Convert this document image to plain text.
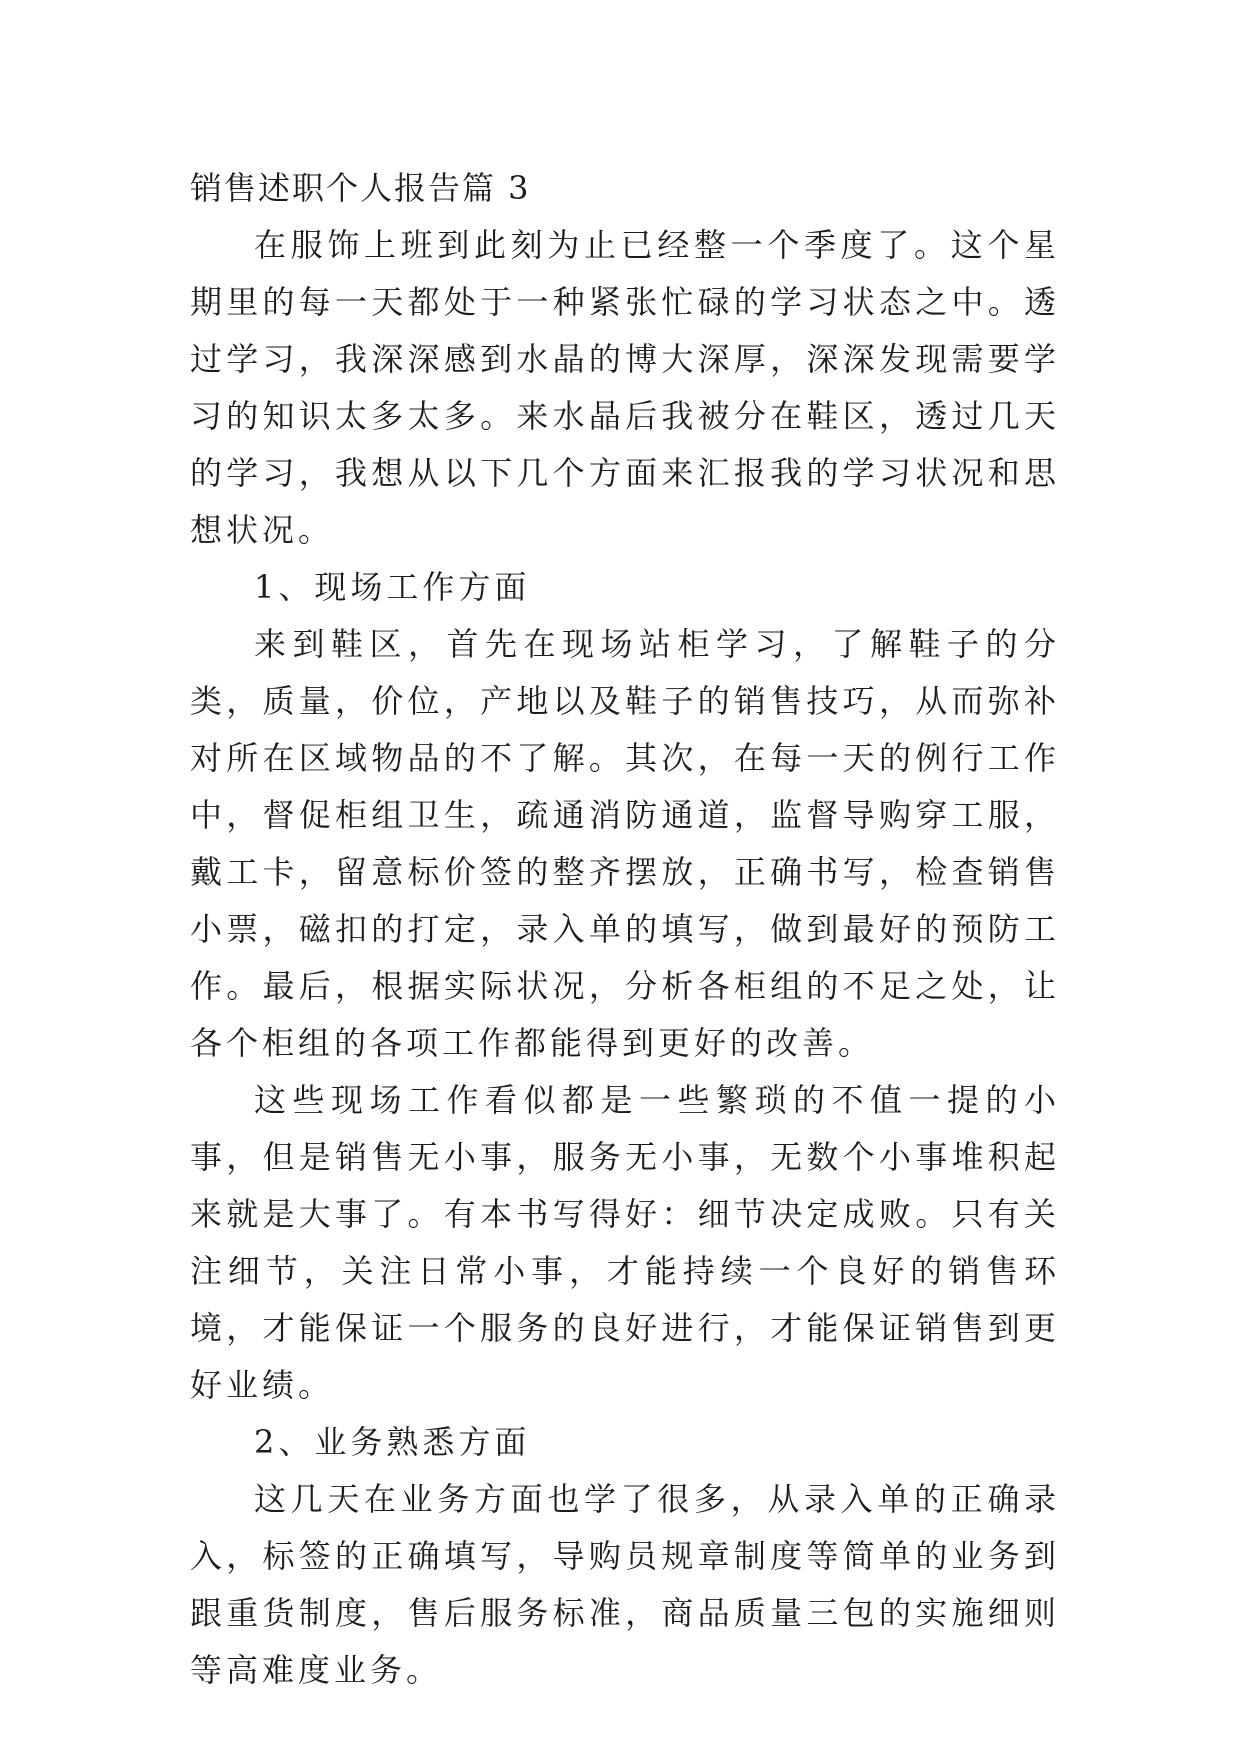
销售述职个人报告篇 3

在服饰上班到此刻为止已经整一个季度了。这个星期里的每一天都处于一种紧张忙碌的学习状态之中。透过学习，我深深感到水晶的博大深厚，深深发现需要学习的知识太多太多。来水晶后我被分在鞋区，透过几天的学习，我想从以下几个方面来汇报我的学习状况和思想状况。

1、现场工作方面

来到鞋区，首先在现场站柜学习，了解鞋子的分类，质量，价位，产地以及鞋子的销售技巧，从而弥补对所在区域物品的不了解。其次，在每一天的例行工作中，督促柜组卫生，疏通消防通道，监督导购穿工服，戴工卡，留意标价签的整齐摆放，正确书写，检查销售小票，磁扣的打定，录入单的填写，做到最好的预防工作。最后，根据实际状况，分析各柜组的不足之处，让各个柜组的各项工作都能得到更好的改善。

这些现场工作看似都是一些繁琐的不值一提的小事，但是销售无小事，服务无小事，无数个小事堆积起来就是大事了。有本书写得好：细节决定成败。只有关注细节，关注日常小事，才能持续一个良好的销售环境，才能保证一个服务的良好进行，才能保证销售到更好业绩。

2、业务熟悉方面

这几天在业务方面也学了很多，从录入单的正确录入，标签的正确填写，导购员规章制度等简单的业务到跟重货制度，售后服务标准，商品质量三包的实施细则等高难度业务。
